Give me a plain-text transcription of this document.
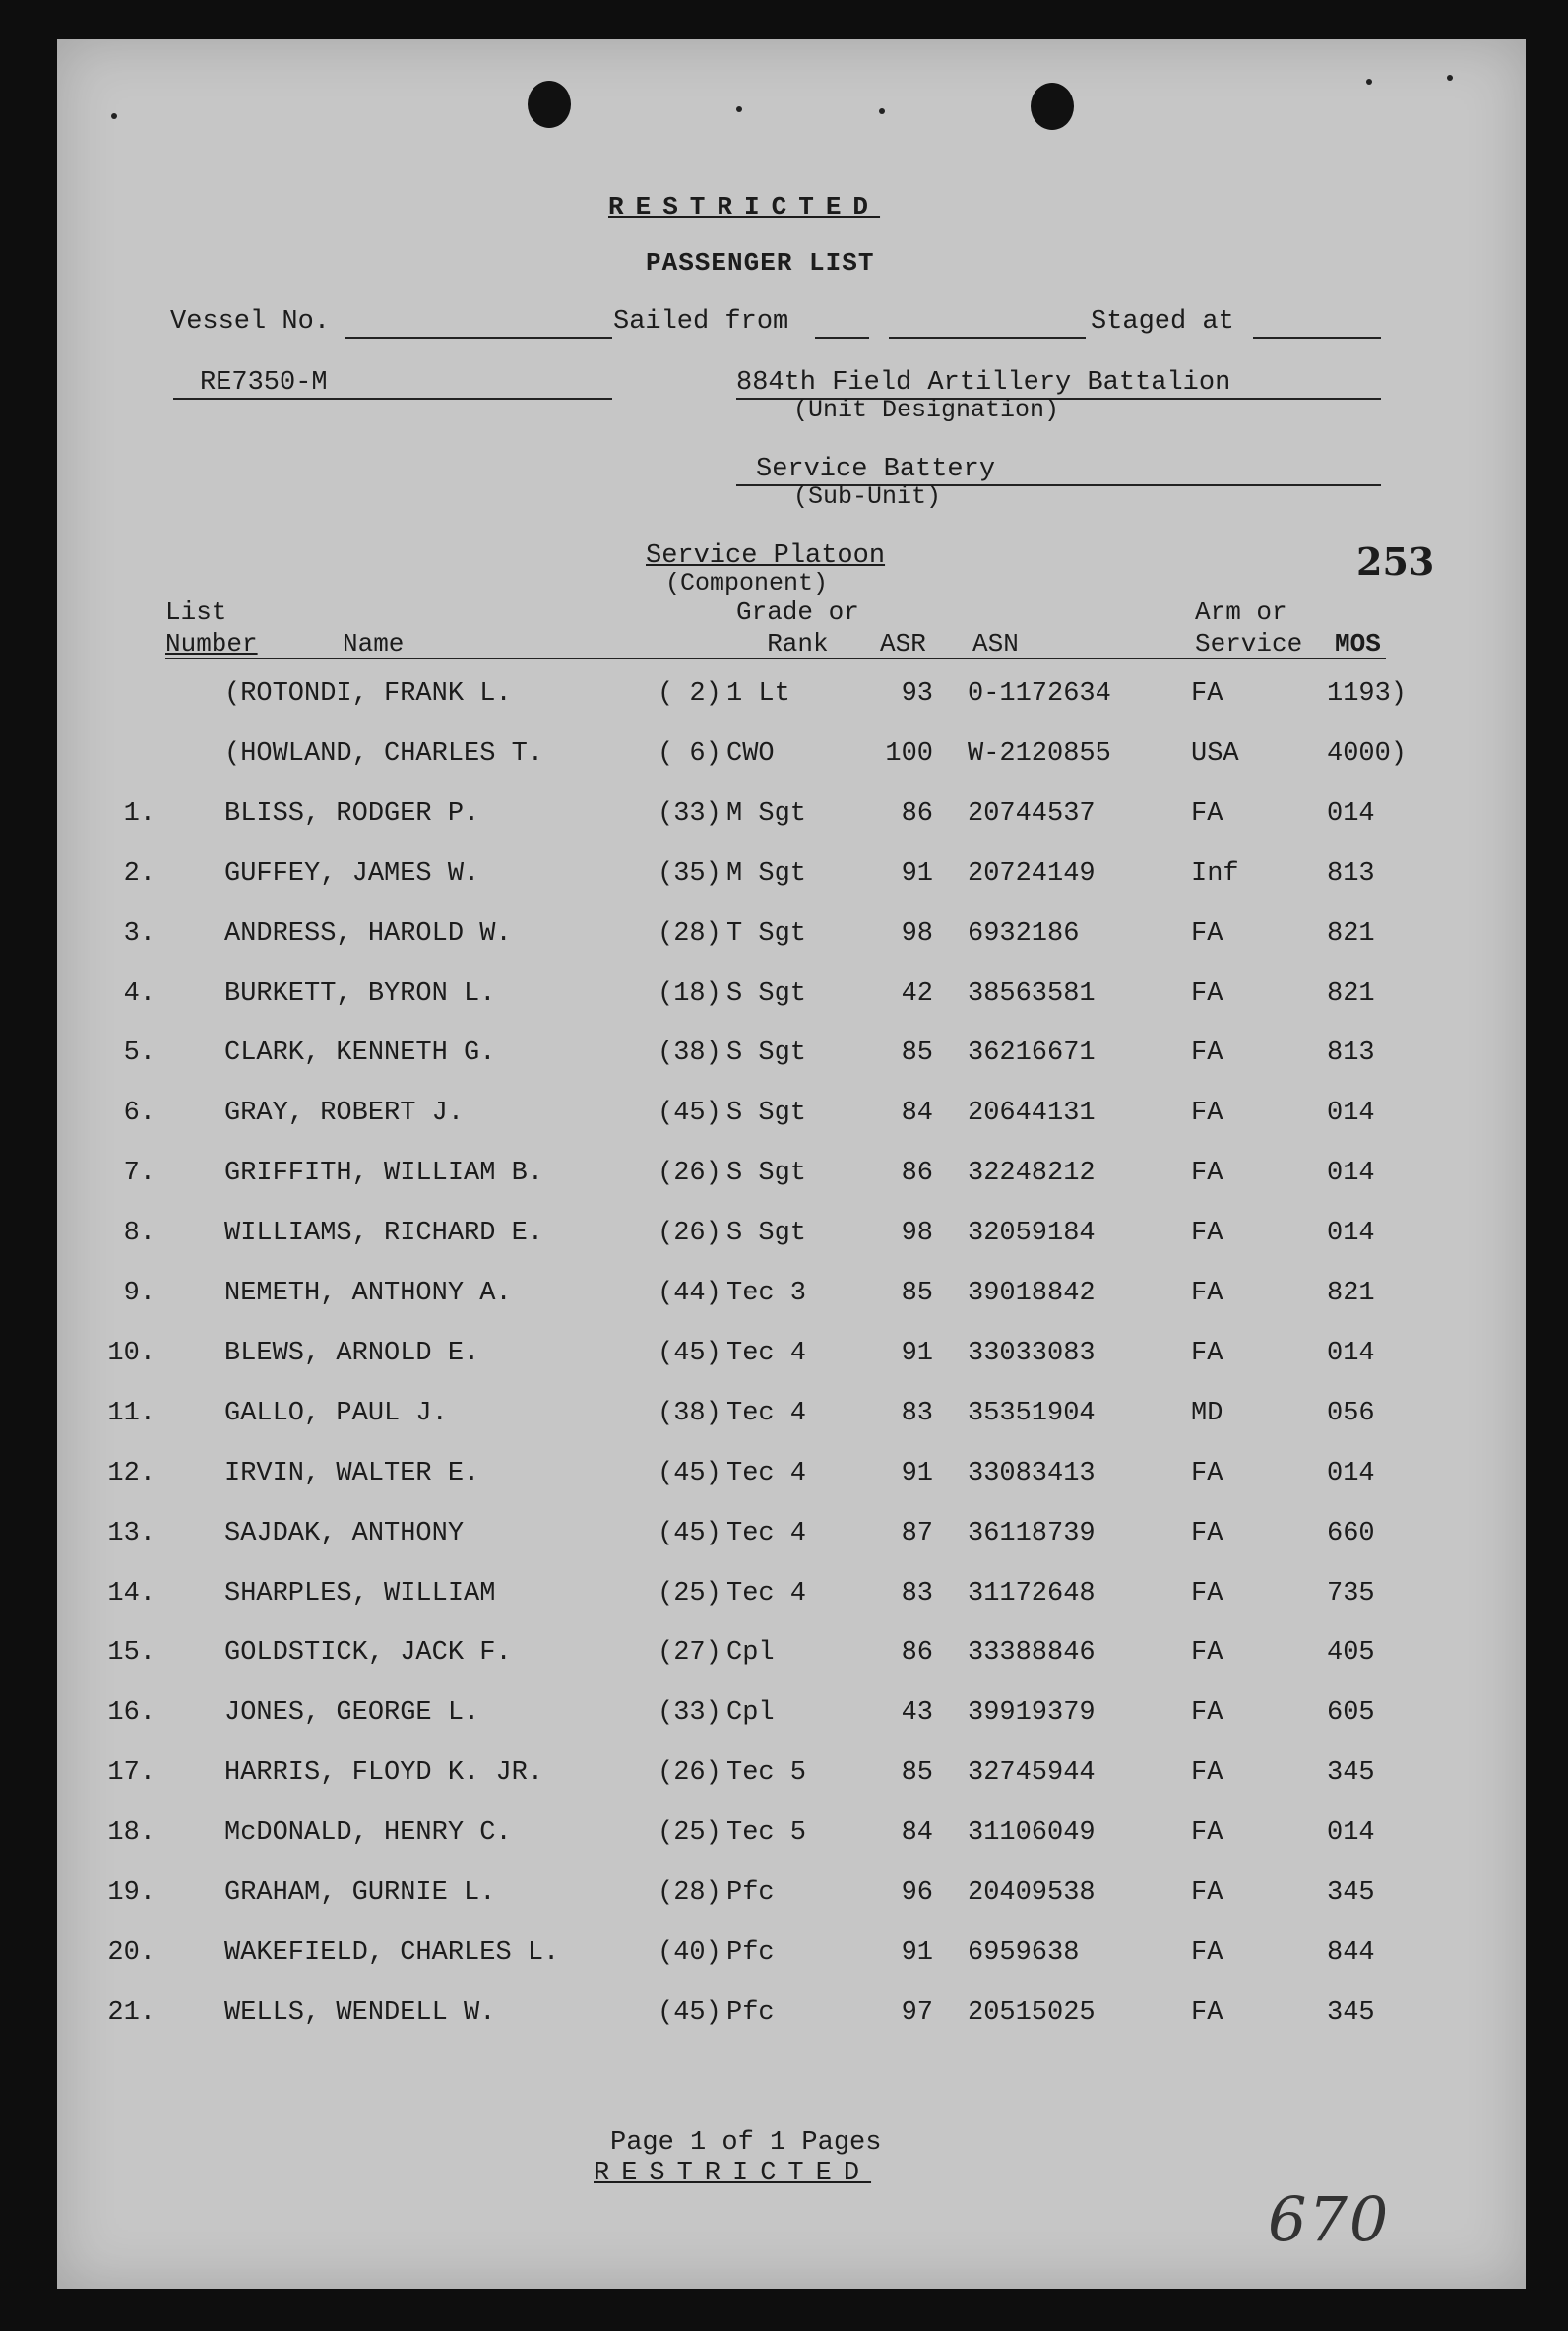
RESTRICTED
PASSENGER LIST
Vessel No.	Sailed from	Staged at
RE7350-M	884th Field Artillery Battalion
(Unit Designation)
Service Battery
(Sub-Unit)
Service Platoon
(Component)	253
List
Number	Name
Grade or
Rank	ASR ASN
Arm or
Service MOS
(ROTONDI, FRANK L.	( 2) 1 Lt	93 0-1172634	FA	1193)
(HOWLAND, CHARLES T.	( 6) CWO	100 W-2120855	USA	4000)
1.	BLISS, RODGER P.	(33) M Sgt	86 20744537	FA	014
2.	GUFFEY, JAMES W.	(35) M Sgt	91 20724149	Inf	813
3.	ANDRESS, HAROLD W.	(28) T Sgt	98 6932186	FA	821
4.	BURKETT, BYRON L.	(18) S Sgt	42 38563581	FA	821
5.	CLARK, KENNETH G.	(38) S Sgt	85 36216671	FA	813
6.	GRAY, ROBERT J.	(45) S Sgt	84 20644131	FA	014
7.	GRIFFITH, WILLIAM B.	(26) S Sgt	86 32248212	FA	014
8.	WILLIAMS, RICHARD E.	(26) S Sgt	98 32059184	FA	014
9.	NEMETH, ANTHONY A.	(44) Tec 3	85 39018842	FA	821
10.	BLEWS, ARNOLD E.	(45) Tec 4	91 33033083	FA	014
11.	GALLO, PAUL J.	(38) Tec 4	83 35351904	MD	056
12.	IRVIN, WALTER E.	(45) Tec 4	91 33083413	FA	014
13.	SAJDAK, ANTHONY	(45) Tec 4	87 36118739	FA	660
14.	SHARPLES, WILLIAM	(25) Tec 4	83 31172648	FA	735
15.	GOLDSTICK, JACK F.	(27) Cpl	86 33388846	FA	405
16.	JONES, GEORGE L.	(33) Cpl	43 39919379	FA	605
17.	HARRIS, FLOYD K. JR.	(26) Tec 5	85 32745944	FA	345
18.	McDONALD, HENRY C.	(25) Tec 5	84 31106049	FA	014
19.	GRAHAM, GURNIE L.	(28) Pfc	96 20409538	FA	345
20.	WAKEFIELD, CHARLES L.	(40) Pfc	91 6959638	FA	844
21.	WELLS, WENDELL W.	(45) Pfc	97 20515025	FA	345
Page 1 of 1 Pages
RESTRICTED
670
